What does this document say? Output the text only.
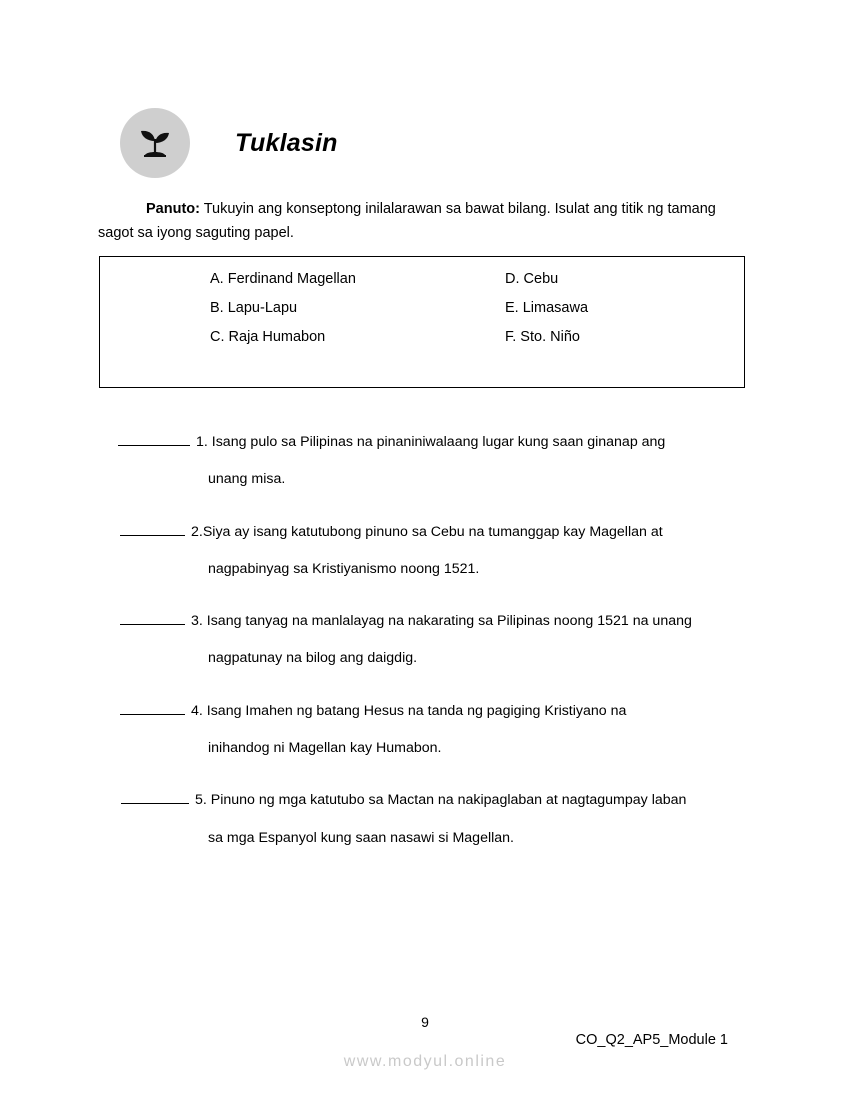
Tuklasin
Panuto: Tukuyin ang konseptong inilalarawan sa bawat bilang. Isulat ang titik ng tamang sagot sa iyong saguting papel.
A. Ferdinand Magellan	D. Cebu
B. Lapu-Lapu	E. Limasawa
C. Raja Humabon	F. Sto. Niño
1. Isang pulo sa Pilipinas na pinaniniwalaang lugar kung saan ginanap ang
unang misa.
2.Siya ay isang katutubong pinuno sa Cebu na tumanggap kay Magellan at
nagpabinyag sa Kristiyanismo noong 1521.
3. Isang tanyag na manlalayag na nakarating sa Pilipinas noong 1521 na unang
nagpatunay na bilog ang daigdig.
4. Isang Imahen ng batang Hesus na tanda ng pagiging Kristiyano na
inihandog ni Magellan kay Humabon.
5. Pinuno ng mga katutubo sa Mactan na nakipaglaban at nagtagumpay laban
sa mga Espanyol kung saan nasawi si Magellan.
9
CO_Q2_AP5_Module 1
www.modyul.online
